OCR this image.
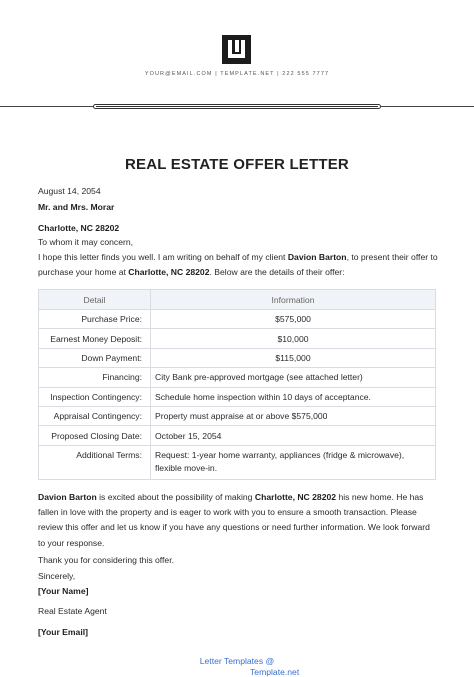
YOUR@EMAIL.COM | TEMPLATE.NET | 222 555 7777
REAL ESTATE OFFER LETTER
August 14, 2054
Mr. and Mrs. Morar
Charlotte, NC 28202
To whom it may concern,
I hope this letter finds you well. I am writing on behalf of my client Davion Barton, to present their offer to purchase your home at Charlotte, NC 28202. Below are the details of their offer:
Detail	Information
Purchase Price:	$575,000
Earnest Money Deposit:	$10,000
Down Payment:	$115,000
Financing:	City Bank pre-approved mortgage (see attached letter)
Inspection Contingency:	Schedule home inspection within 10 days of acceptance.
Appraisal Contingency:	Property must appraise at or above $575,000
Proposed Closing Date:	October 15, 2054
Additional Terms:	Request: 1-year home warranty, appliances (fridge & microwave), flexible move-in.
Davion Barton is excited about the possibility of making Charlotte, NC 28202 his new home. He has fallen in love with the property and is eager to work with you to ensure a smooth transaction. Please review this offer and let us know if you have any questions or need further information. We look forward to your response.
Thank you for considering this offer.
Sincerely,
[Your Name]
Real Estate Agent
[Your Email]
Letter Templates @
Template.net
